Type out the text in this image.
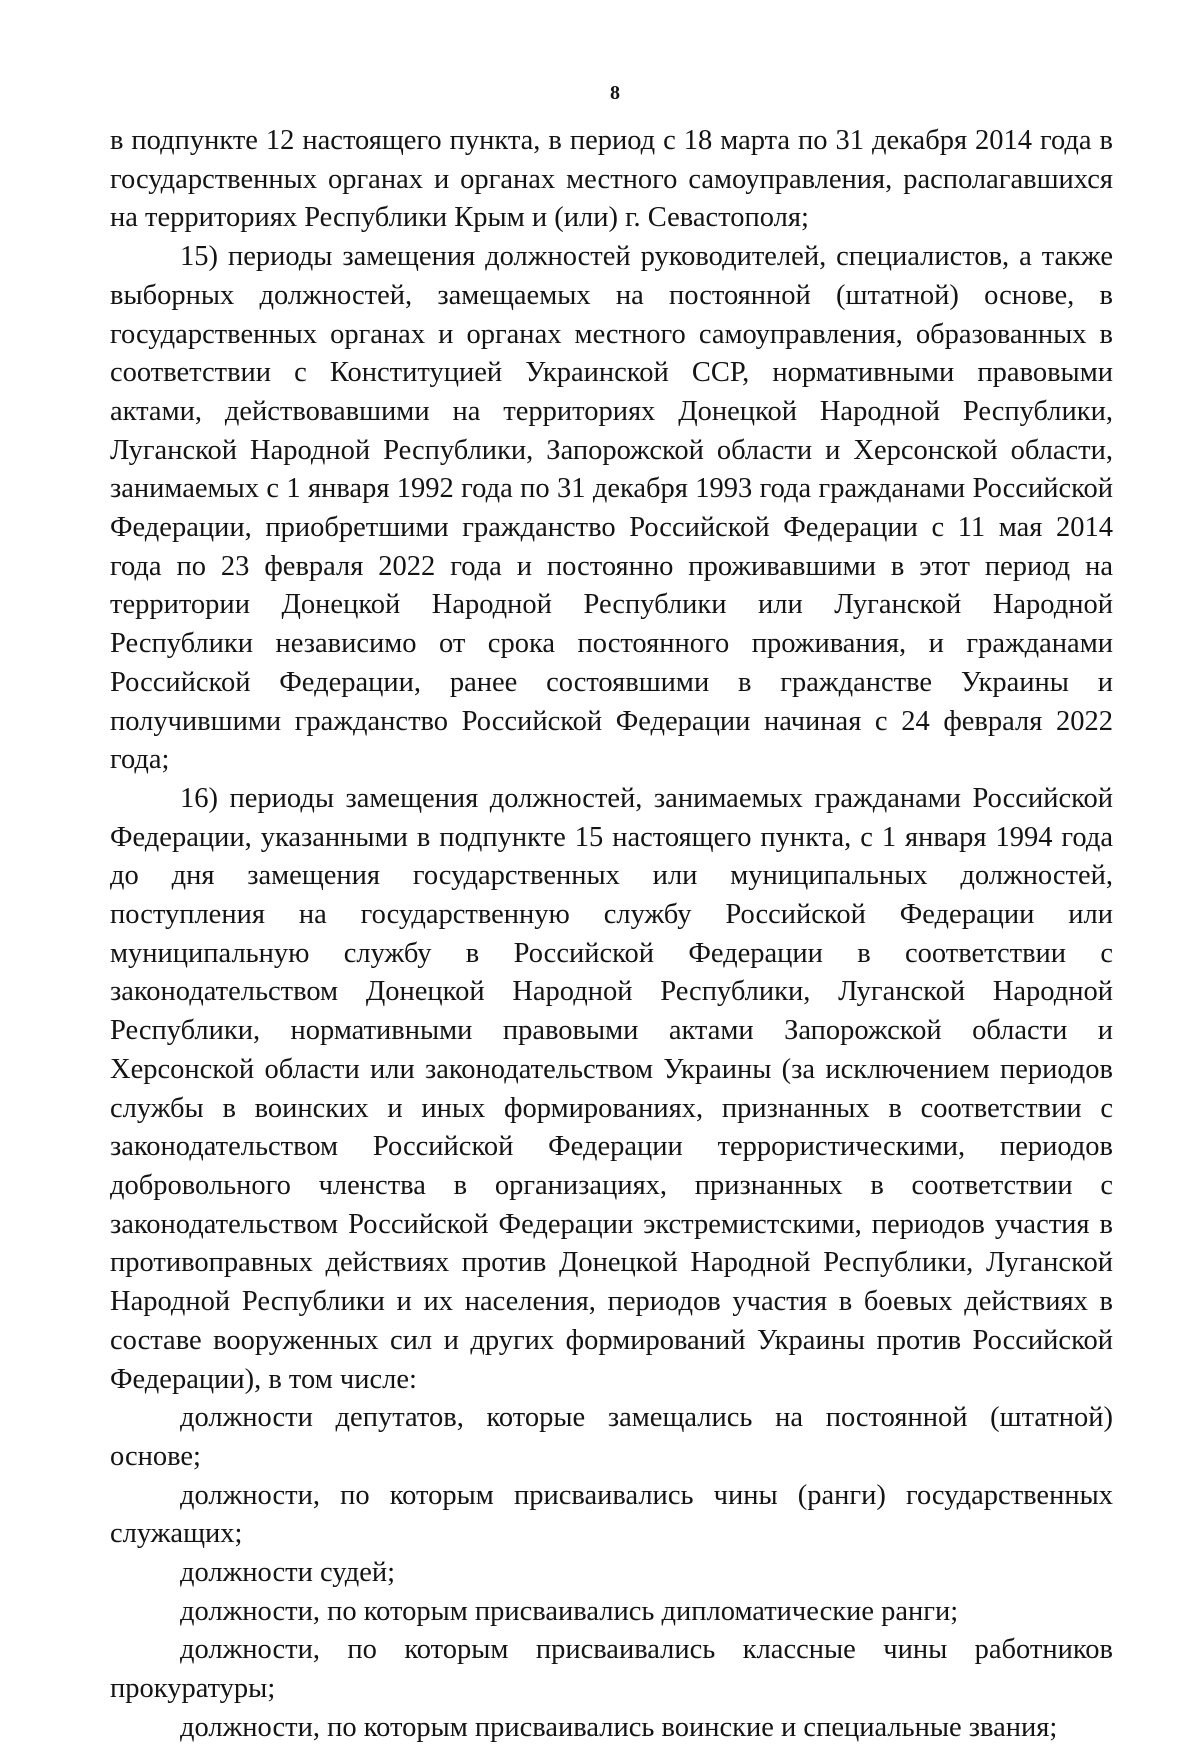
8

в подпункте 12 настоящего пункта, в период с 18 марта по 31 декабря 2014 года в государственных органах и органах местного самоуправления, располагавшихся на территориях Республики Крым и (или) г. Севастополя;

15) периоды замещения должностей руководителей, специалистов, а также выборных должностей, замещаемых на постоянной (штатной) основе, в государственных органах и органах местного самоуправления, образованных в соответствии с Конституцией Украинской ССР, нормативными правовыми актами, действовавшими на территориях Донецкой Народной Республики, Луганской Народной Республики, Запорожской области и Херсонской области, занимаемых с 1 января 1992 года по 31 декабря 1993 года гражданами Российской Федерации, приобретшими гражданство Российской Федерации с 11 мая 2014 года по 23 февраля 2022 года и постоянно проживавшими в этот период на территории Донецкой Народной Республики или Луганской Народной Республики независимо от срока постоянного проживания, и гражданами Российской Федерации, ранее состоявшими в гражданстве Украины и получившими гражданство Российской Федерации начиная с 24 февраля 2022 года;

16) периоды замещения должностей, занимаемых гражданами Российской Федерации, указанными в подпункте 15 настоящего пункта, с 1 января 1994 года до дня замещения государственных или муниципальных должностей, поступления на государственную службу Российской Федерации или муниципальную службу в Российской Федерации в соответствии с законодательством Донецкой Народной Республики, Луганской Народной Республики, нормативными правовыми актами Запорожской области и Херсонской области или законодательством Украины (за исключением периодов службы в воинских и иных формированиях, признанных в соответствии с законодательством Российской Федерации террористическими, периодов добровольного членства в организациях, признанных в соответствии с законодательством Российской Федерации экстремистскими, периодов участия в противоправных действиях против Донецкой Народной Республики, Луганской Народной Республики и их населения, периодов участия в боевых действиях в составе вооруженных сил и других формирований Украины против Российской Федерации), в том числе:

должности депутатов, которые замещались на постоянной (штатной) основе;

должности, по которым присваивались чины (ранги) государственных служащих;

должности судей;

должности, по которым присваивались дипломатические ранги;

должности, по которым присваивались классные чины работников прокуратуры;

должности, по которым присваивались воинские и специальные звания;
